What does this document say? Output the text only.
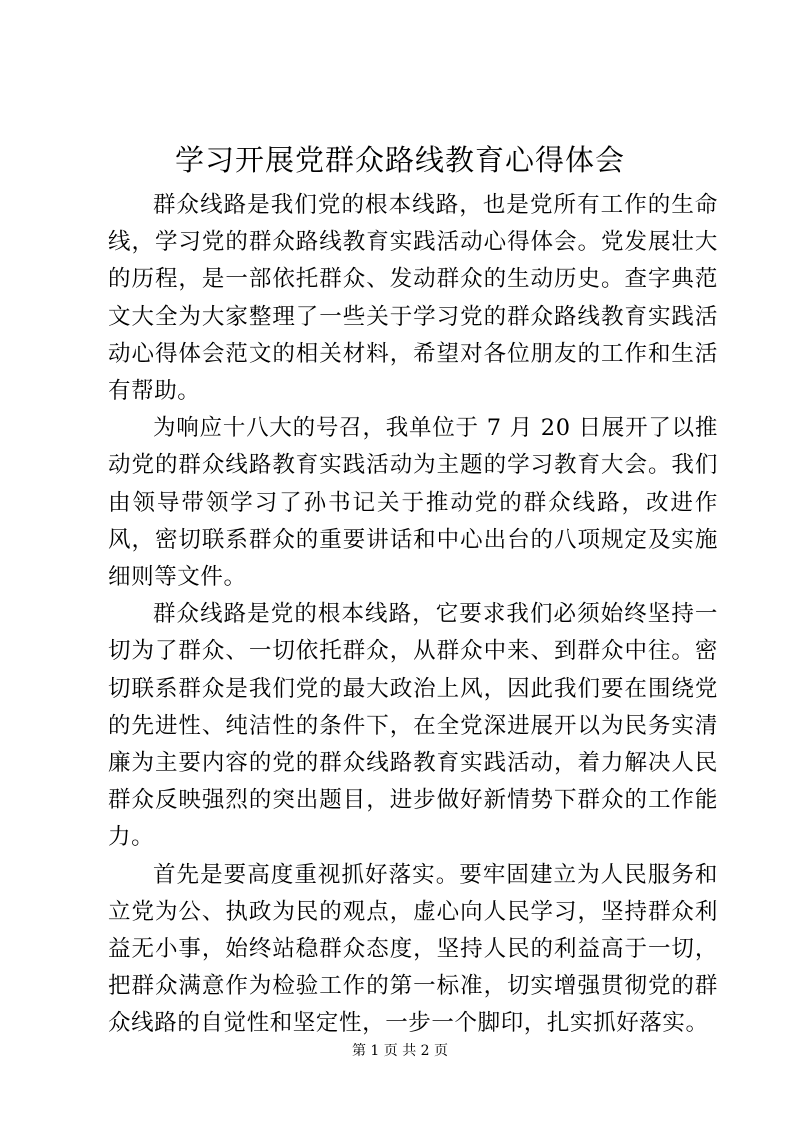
学习开展党群众路线教育心得体会

群众线路是我们党的根本线路，也是党所有工作的生命线，学习党的群众路线教育实践活动心得体会。党发展壮大的历程，是一部依托群众、发动群众的生动历史。查字典范文大全为大家整理了一些关于学习党的群众路线教育实践活动心得体会范文的相关材料，希望对各位朋友的工作和生活有帮助。

为响应十八大的号召，我单位于 7 月 20 日展开了以推动党的群众线路教育实践活动为主题的学习教育大会。我们由领导带领学习了孙书记关于推动党的群众线路，改进作风，密切联系群众的重要讲话和中心出台的八项规定及实施细则等文件。

群众线路是党的根本线路，它要求我们必须始终坚持一切为了群众、一切依托群众，从群众中来、到群众中往。密切联系群众是我们党的最大政治上风，因此我们要在围绕党的先进性、纯洁性的条件下，在全党深进展开以为民务实清廉为主要内容的党的群众线路教育实践活动，着力解决人民群众反映强烈的突出题目，进步做好新情势下群众的工作能力。

首先是要高度重视抓好落实。要牢固建立为人民服务和立党为公、执政为民的观点，虚心向人民学习，坚持群众利益无小事，始终站稳群众态度，坚持人民的利益高于一切，把群众满意作为检验工作的第一标准，切实增强贯彻党的群众线路的自觉性和坚定性，一步一个脚印，扎实抓好落实。

第 1 页 共 2 页
